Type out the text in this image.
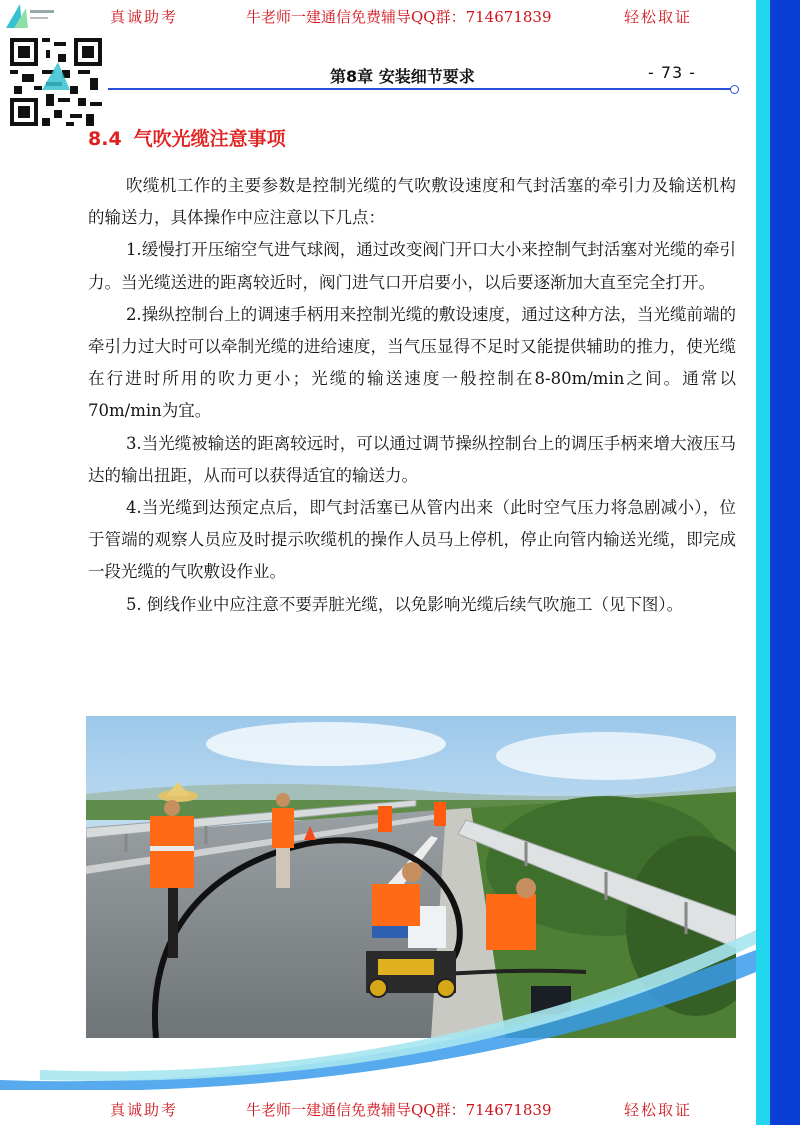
真诚助考	牛老师一建通信免费辅导QQ群：714671839	轻松取证
第8章 安装细节要求	- 73 -
8.4 气吹光缆注意事项

吹缆机工作的主要参数是控制光缆的气吹敷设速度和气封活塞的牵引力及输送机构的输送力，具体操作中应注意以下几点：

1.缓慢打开压缩空气进气球阀，通过改变阀门开口大小来控制气封活塞对光缆的牵引力。当光缆送进的距离较近时，阀门进气口开启要小，以后要逐渐加大直至完全打开。

2.操纵控制台上的调速手柄用来控制光缆的敷设速度，通过这种方法，当光缆前端的牵引力过大时可以牵制光缆的进给速度，当气压显得不足时又能提供辅助的推力，使光缆在行进时所用的吹力更小；光缆的输送速度一般控制在8-80m/min之间。通常以70m/min为宜。

3.当光缆被输送的距离较远时，可以通过调节操纵控制台上的调压手柄来增大液压马达的输出扭距，从而可以获得适宜的输送力。

4.当光缆到达预定点后，即气封活塞已从管内出来（此时空气压力将急剧减小），位于管端的观察人员应及时提示吹缆机的操作人员马上停机，停止向管内输送光缆，即完成一段光缆的气吹敷设作业。

5. 倒线作业中应注意不要弄脏光缆，以免影响光缆后续气吹施工（见下图）。

真诚助考	牛老师一建通信免费辅导QQ群：714671839	轻松取证
